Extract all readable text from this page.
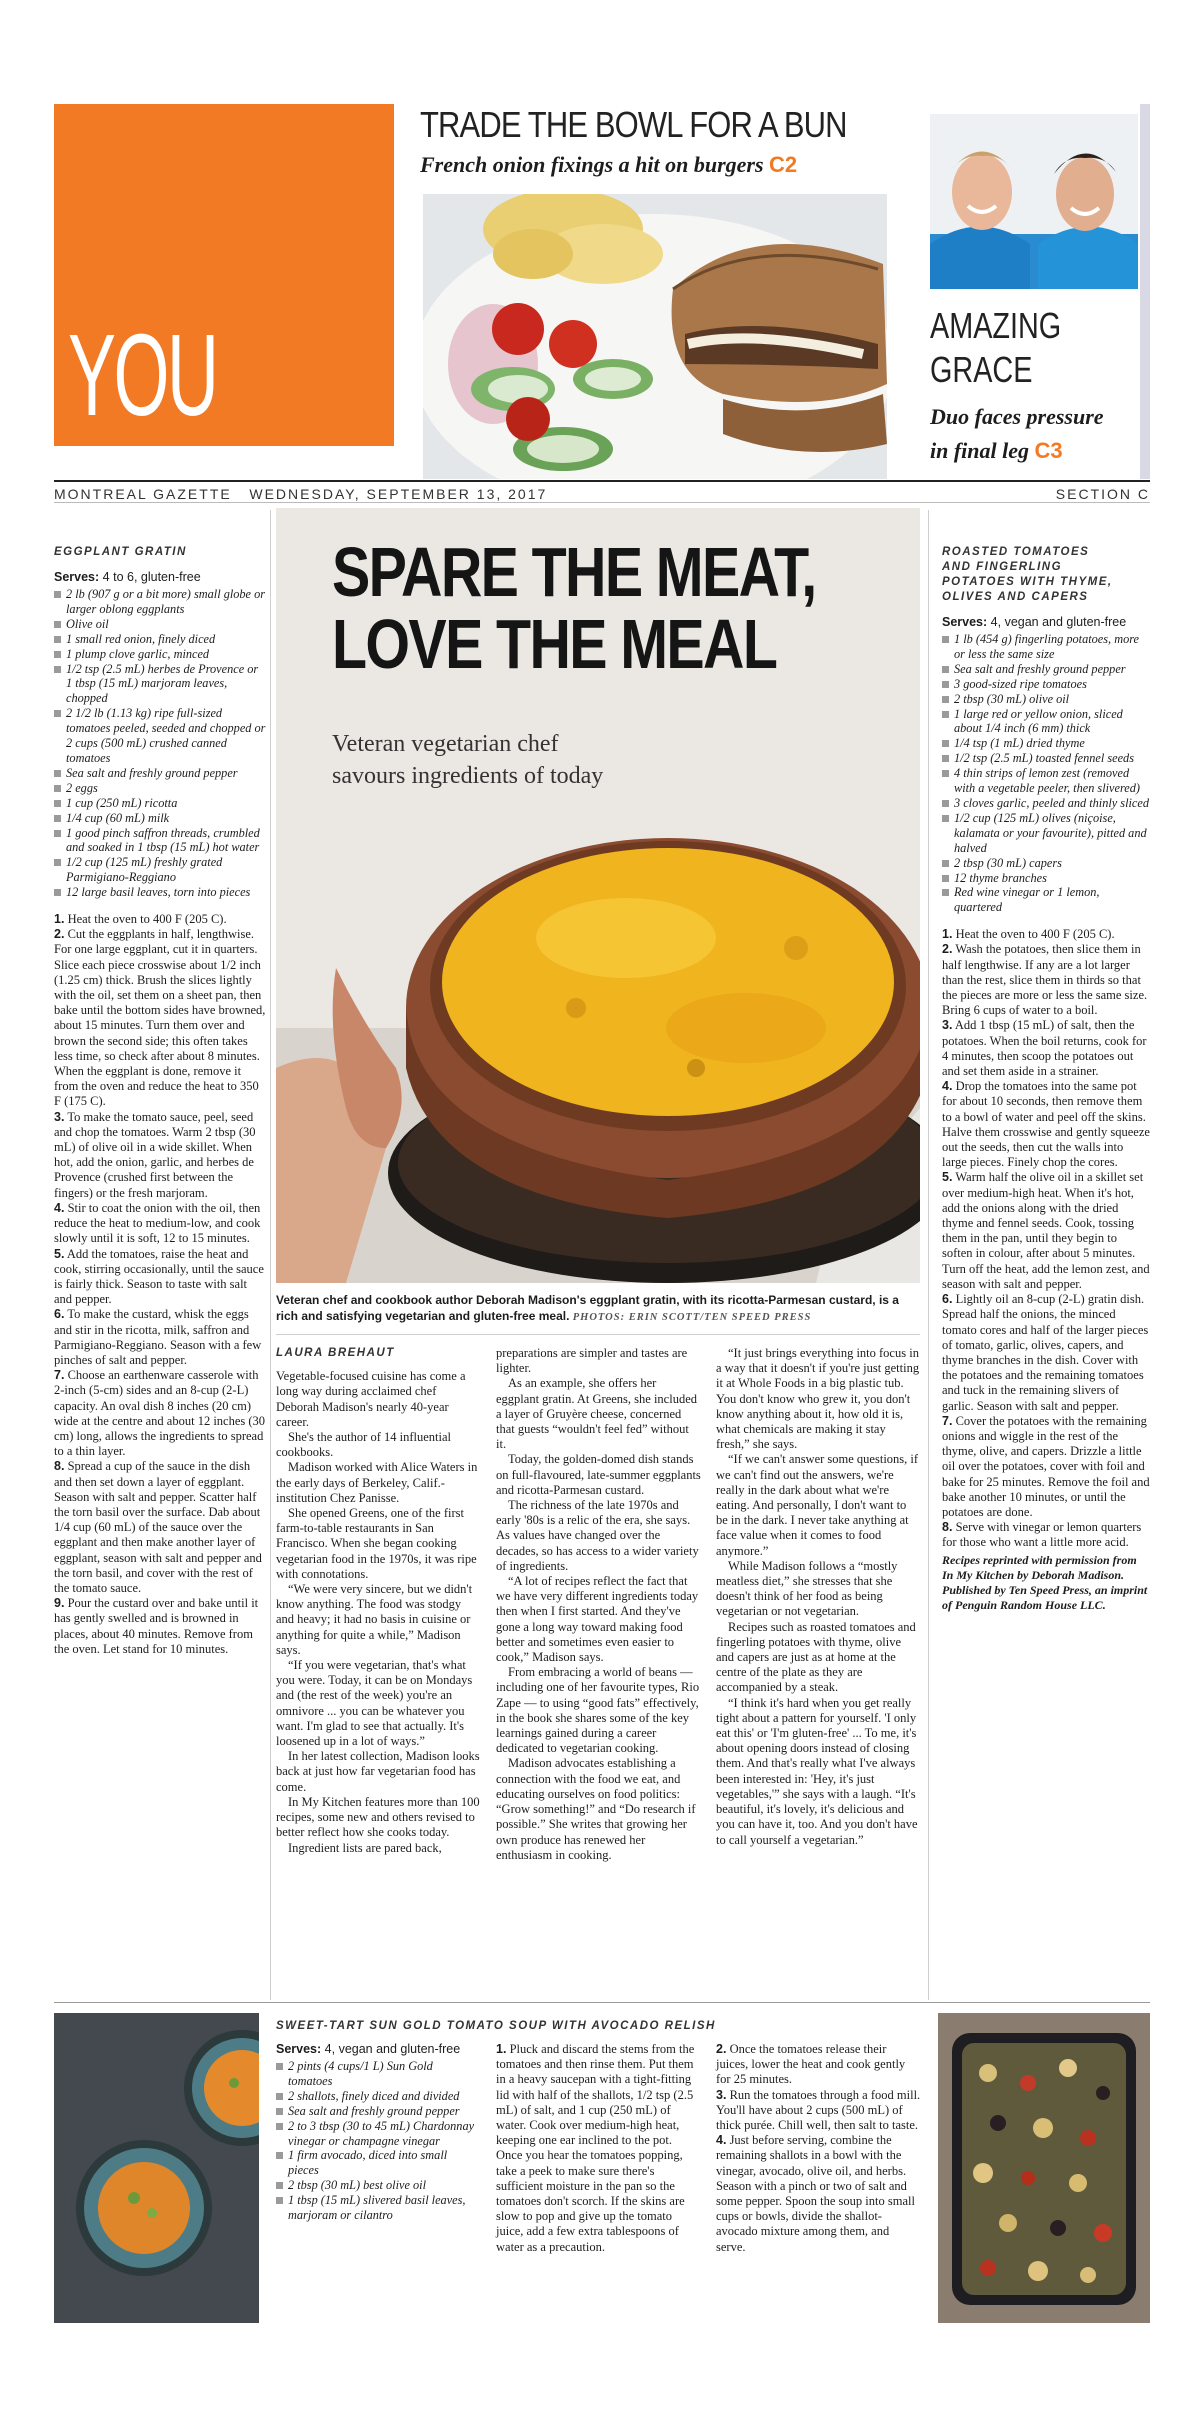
YOU
TRADE THE BOWL FOR A BUN
French onion fixings a hit on burgers C2
AMAZING
GRACE
Duo faces pressure
in final leg C3
MONTREAL GAZETTE   WEDNESDAY, SEPTEMBER 13, 2017	SECTION C
EGGPLANT GRATIN
Serves: 4 to 6, gluten-free
2 lb (907 g or a bit more) small globe or larger oblong eggplants
Olive oil
1 small red onion, finely diced
1 plump clove garlic, minced
1/2 tsp (2.5 mL) herbes de Provence or 1 tbsp (15 mL) marjoram leaves, chopped
2 1/2 lb (1.13 kg) ripe full-sized tomatoes peeled, seeded and chopped or 2 cups (500 mL) crushed canned tomatoes
Sea salt and freshly ground pepper
2 eggs
1 cup (250 mL) ricotta
1/4 cup (60 mL) milk
1 good pinch saffron threads, crumbled and soaked in 1 tbsp (15 mL) hot water
1/2 cup (125 mL) freshly grated Parmigiano-Reggiano
12 large basil leaves, torn into pieces
1. Heat the oven to 400 F (205 C).
2. Cut the eggplants in half, lengthwise. For one large eggplant, cut it in quarters. Slice each piece crosswise about 1/2 inch (1.25 cm) thick. Brush the slices lightly with the oil, set them on a sheet pan, then bake until the bottom sides have browned, about 15 minutes. Turn them over and brown the second side; this often takes less time, so check after about 8 minutes. When the eggplant is done, remove it from the oven and reduce the heat to 350 F (175 C).
3. To make the tomato sauce, peel, seed and chop the tomatoes. Warm 2 tbsp (30 mL) of olive oil in a wide skillet. When hot, add the onion, garlic, and herbes de Provence (crushed first between the fingers) or the fresh marjoram.
4. Stir to coat the onion with the oil, then reduce the heat to medium-low, and cook slowly until it is soft, 12 to 15 minutes.
5. Add the tomatoes, raise the heat and cook, stirring occasionally, until the sauce is fairly thick. Season to taste with salt and pepper.
6. To make the custard, whisk the eggs and stir in the ricotta, milk, saffron and Parmigiano-Reggiano. Season with a few pinches of salt and pepper.
7. Choose an earthenware casserole with 2-inch (5-cm) sides and an 8-cup (2-L) capacity. An oval dish 8 inches (20 cm) wide at the centre and about 12 inches (30 cm) long, allows the ingredients to spread to a thin layer.
8. Spread a cup of the sauce in the dish and then set down a layer of eggplant. Season with salt and pepper. Scatter half the torn basil over the surface. Dab about 1/4 cup (60 mL) of the sauce over the eggplant and then make another layer of eggplant, season with salt and pepper and the torn basil, and cover with the rest of the tomato sauce.
9. Pour the custard over and bake until it has gently swelled and is browned in places, about 40 minutes. Remove from the oven. Let stand for 10 minutes.
SPARE THE MEAT,
LOVE THE MEAL
Veteran vegetarian chef
savours ingredients of today
Veteran chef and cookbook author Deborah Madison's eggplant gratin, with its ricotta-Parmesan custard, is a rich and satisfying vegetarian and gluten-free meal. PHOTOS: ERIN SCOTT/TEN SPEED PRESS
LAURA BREHAUT

Vegetable-focused cuisine has come a long way during acclaimed chef Deborah Madison's nearly 40-year career.

She's the author of 14 influential cookbooks.

Madison worked with Alice Waters in the early days of Berkeley, Calif.-institution Chez Panisse.

She opened Greens, one of the first farm-to-table restaurants in San Francisco. When she began cooking vegetarian food in the 1970s, it was ripe with connotations.

“We were very sincere, but we didn't know anything. The food was stodgy and heavy; it had no basis in cuisine or anything for quite a while,” Madison says.

“If you were vegetarian, that's what you were. Today, it can be on Mondays and (the rest of the week) you're an omnivore ... you can be whatever you want. I'm glad to see that actually. It's loosened up in a lot of ways.”

In her latest collection, Madison looks back at just how far vegetarian food has come.

In My Kitchen features more than 100 recipes, some new and others revised to better reflect how she cooks today.

Ingredient lists are pared back,

preparations are simpler and tastes are lighter.

As an example, she offers her eggplant gratin. At Greens, she included a layer of Gruyère cheese, concerned that guests “wouldn't feel fed” without it.

Today, the golden-domed dish stands on full-flavoured, late-summer eggplants and ricotta-Parmesan custard.

The richness of the late 1970s and early '80s is a relic of the era, she says. As values have changed over the decades, so has access to a wider variety of ingredients.

“A lot of recipes reflect the fact that we have very different ingredients today then when I first started. And they've gone a long way toward making food better and sometimes even easier to cook,” Madison says.

From embracing a world of beans — including one of her favourite types, Rio Zape — to using “good fats” effectively, in the book she shares some of the key learnings gained during a career dedicated to vegetarian cooking.

Madison advocates establishing a connection with the food we eat, and educating ourselves on food politics: “Grow something!” and “Do research if possible.” She writes that growing her own produce has renewed her enthusiasm in cooking.

“It just brings everything into focus in a way that it doesn't if you're just getting it at Whole Foods in a big plastic tub. You don't know who grew it, you don't know anything about it, how old it is, what chemicals are making it stay fresh,” she says.

“If we can't answer some questions, if we can't find out the answers, we're really in the dark about what we're eating. And personally, I don't want to be in the dark. I never take anything at face value when it comes to food anymore.”

While Madison follows a “mostly meatless diet,” she stresses that she doesn't think of her food as being vegetarian or not vegetarian.

Recipes such as roasted tomatoes and fingerling potatoes with thyme, olive and capers are just as at home at the centre of the plate as they are accompanied by a steak.

“I think it's hard when you get really tight about a pattern for yourself. 'I only eat this' or 'I'm gluten-free' ... To me, it's about opening doors instead of closing them. And that's really what I've always been interested in: 'Hey, it's just vegetables,'” she says with a laugh. “It's beautiful, it's lovely, it's delicious and you can have it, too. And you don't have to call yourself a vegetarian.”

ROASTED TOMATOES
AND FINGERLING
POTATOES WITH THYME,
OLIVES AND CAPERS
Serves: 4, vegan and gluten-free
1 lb (454 g) fingerling potatoes, more or less the same size
Sea salt and freshly ground pepper
3 good-sized ripe tomatoes
2 tbsp (30 mL) olive oil
1 large red or yellow onion, sliced about 1/4 inch (6 mm) thick
1/4 tsp (1 mL) dried thyme
1/2 tsp (2.5 mL) toasted fennel seeds
4 thin strips of lemon zest (removed with a vegetable peeler, then slivered)
3 cloves garlic, peeled and thinly sliced
1/2 cup (125 mL) olives (niçoise, kalamata or your favourite), pitted and halved
2 tbsp (30 mL) capers
12 thyme branches
Red wine vinegar or 1 lemon, quartered
1. Heat the oven to 400 F (205 C).
2. Wash the potatoes, then slice them in half lengthwise. If any are a lot larger than the rest, slice them in thirds so that the pieces are more or less the same size. Bring 6 cups of water to a boil.
3. Add 1 tbsp (15 mL) of salt, then the potatoes. When the boil returns, cook for 4 minutes, then scoop the potatoes out and set them aside in a strainer.
4. Drop the tomatoes into the same pot for about 10 seconds, then remove them to a bowl of water and peel off the skins. Halve them crosswise and gently squeeze out the seeds, then cut the walls into large pieces. Finely chop the cores.
5. Warm half the olive oil in a skillet set over medium-high heat. When it's hot, add the onions along with the dried thyme and fennel seeds. Cook, tossing them in the pan, until they begin to soften in colour, after about 5 minutes. Turn off the heat, add the lemon zest, and season with salt and pepper.
6. Lightly oil an 8-cup (2-L) gratin dish. Spread half the onions, the minced tomato cores and half of the larger pieces of tomato, garlic, olives, capers, and thyme branches in the dish. Cover with the potatoes and the remaining tomatoes and tuck in the remaining slivers of garlic. Season with salt and pepper.
7. Cover the potatoes with the remaining onions and wiggle in the rest of the thyme, olive, and capers. Drizzle a little oil over the potatoes, cover with foil and bake for 25 minutes. Remove the foil and bake another 10 minutes, or until the potatoes are done.
8. Serve with vinegar or lemon quarters for those who want a little more acid.
Recipes reprinted with permission from In My Kitchen by Deborah Madison. Published by Ten Speed Press, an imprint of Penguin Random House LLC.
SWEET-TART SUN GOLD TOMATO SOUP WITH AVOCADO RELISH
Serves: 4, vegan and gluten-free
2 pints (4 cups/1 L) Sun Gold tomatoes
2 shallots, finely diced and divided
Sea salt and freshly ground pepper
2 to 3 tbsp (30 to 45 mL) Chardonnay vinegar or champagne vinegar
1 firm avocado, diced into small pieces
2 tbsp (30 mL) best olive oil
1 tbsp (15 mL) slivered basil leaves, marjoram or cilantro
1. Pluck and discard the stems from the tomatoes and then rinse them. Put them in a heavy saucepan with a tight-fitting lid with half of the shallots, 1/2 tsp (2.5 mL) of salt, and 1 cup (250 mL) of water. Cook over medium-high heat, keeping one ear inclined to the pot. Once you hear the tomatoes popping, take a peek to make sure there's sufficient moisture in the pan so the tomatoes don't scorch. If the skins are slow to pop and give up the tomato juice, add a few extra tablespoons of water as a precaution.
2. Once the tomatoes release their juices, lower the heat and cook gently for 25 minutes.
3. Run the tomatoes through a food mill. You'll have about 2 cups (500 mL) of thick purée. Chill well, then salt to taste.
4. Just before serving, combine the remaining shallots in a bowl with the vinegar, avocado, olive oil, and herbs. Season with a pinch or two of salt and some pepper. Spoon the soup into small cups or bowls, divide the shallot-avocado mixture among them, and serve.
